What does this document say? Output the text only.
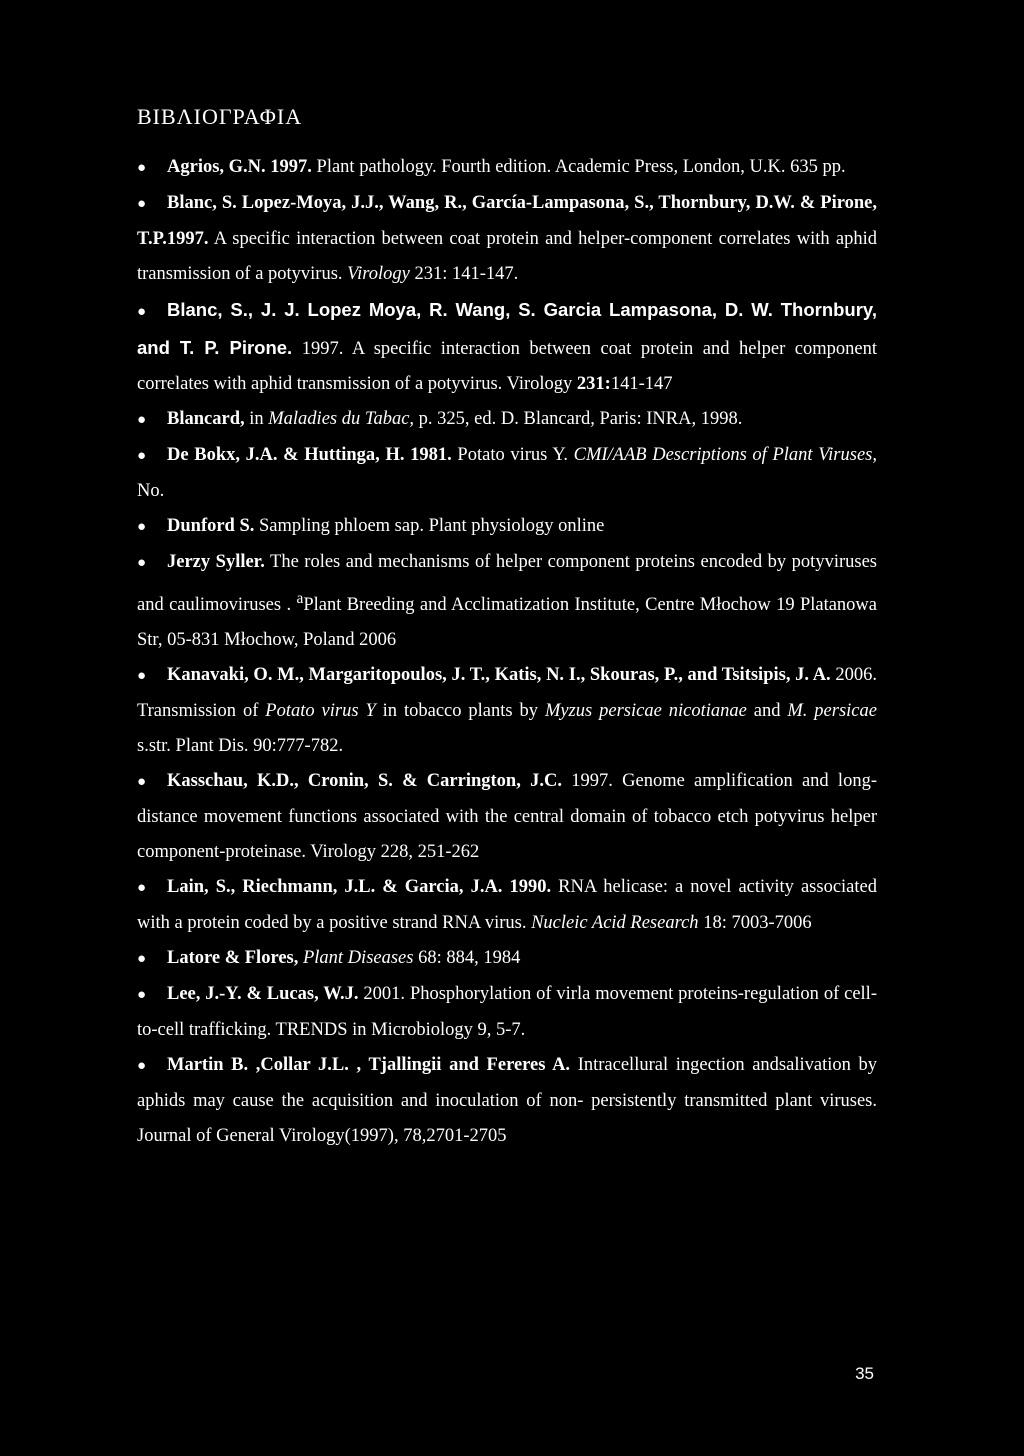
ΒΙΒΛΙΟΓΡΑΦΙΑ

● Agrios, G.N. 1997. Plant pathology. Fourth edition. Academic Press, London, U.K. 635 pp.

● Blanc, S. Lopez-Moya, J.J., Wang, R., García-Lampasona, S., Thornbury, D.W. & Pirone, T.P.1997. A specific interaction between coat protein and helper-component correlates with aphid transmission of a potyvirus. Virology 231: 141-147.

● Blanc, S., J. J. Lopez Moya, R. Wang, S. Garcia Lampasona, D. W. Thornbury, and T. P. Pirone. 1997. A specific interaction between coat protein and helper component correlates with aphid transmission of a potyvirus. Virology 231:141-147

● Blancard, in Maladies du Tabac, p. 325, ed. D. Blancard, Paris: INRA, 1998.

● De Bokx, J.A. & Huttinga, H. 1981. Potato virus Y. CMI/AAB Descriptions of Plant Viruses, No.

● Dunford S. Sampling phloem sap. Plant physiology online

● Jerzy Syller. The roles and mechanisms of helper component proteins encoded by potyviruses and caulimoviruses . $^a$Plant Breeding and Acclimatization Institute, Centre Młochow 19 Platanowa Str, 05-831 Młochow, Poland 2006

● Kanavaki, O. M., Margaritopoulos, J. T., Katis, N. I., Skouras, P., and Tsitsipis, J. A. 2006. Transmission of Potato virus Y in tobacco plants by Myzus persicae nicotianae and M. persicae s.str. Plant Dis. 90:777-782.

● Kasschau, K.D., Cronin, S. & Carrington, J.C. 1997. Genome amplification and long-distance movement functions associated with the central domain of tobacco etch potyvirus helper component-proteinase. Virology 228, 251-262

● Lain, S., Riechmann, J.L. & Garcia, J.A. 1990. RNA helicase: a novel activity associated with a protein coded by a positive strand RNA virus. Nucleic Acid Research 18: 7003-7006

● Latore & Flores, Plant Diseases 68: 884, 1984

● Lee, J.-Y. & Lucas, W.J. 2001. Phosphorylation of virla movement proteins-regulation of cell-to-cell trafficking. TRENDS in Microbiology 9, 5-7.

● Martin B. ,Collar J.L. , Tjallingii and Fereres A. Intracellural ingection andsalivation by aphids may cause the acquisition and inoculation of non- persistently transmitted plant viruses. Journal of General Virology(1997), 78,2701-2705

35
